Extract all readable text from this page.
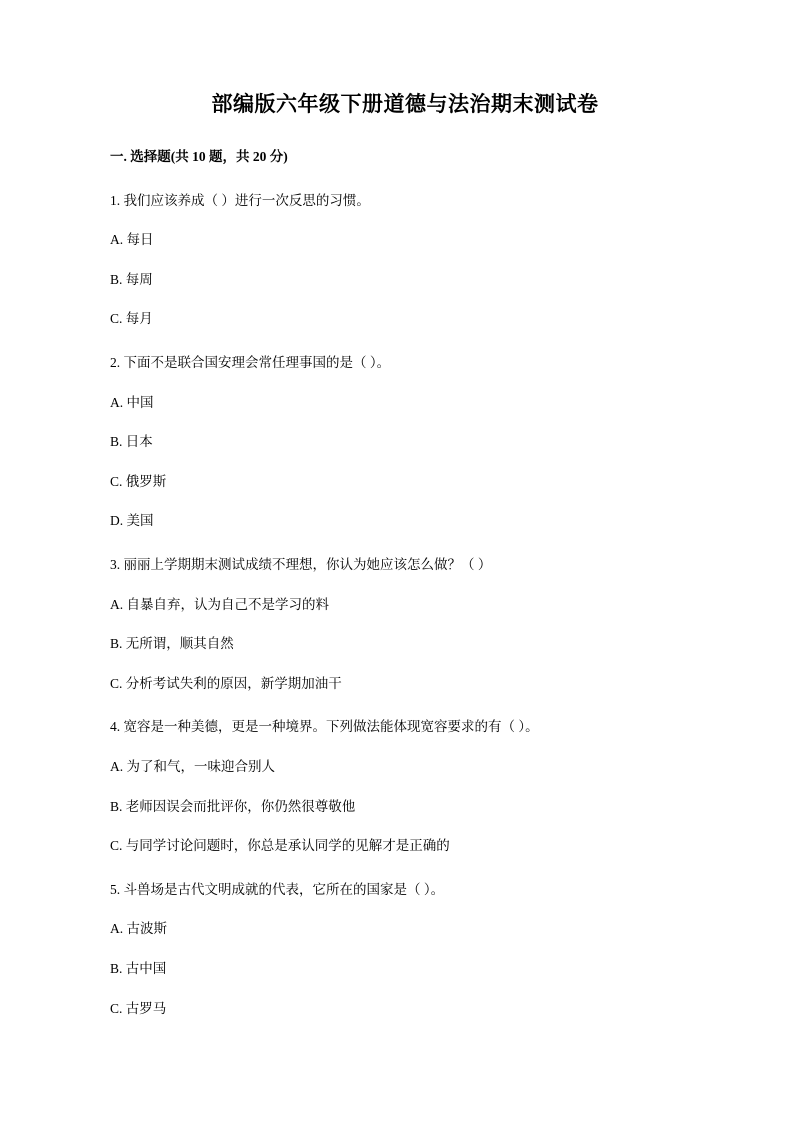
部编版六年级下册道德与法治期末测试卷
一. 选择题(共 10 题，共 20 分)
1. 我们应该养成（ ）进行一次反思的习惯。
A. 每日
B. 每周
C. 每月
2. 下面不是联合国安理会常任理事国的是（ ）。
A. 中国
B. 日本
C. 俄罗斯
D. 美国
3. 丽丽上学期期末测试成绩不理想，你认为她应该怎么做？（ ）
A. 自暴自弃，认为自己不是学习的料
B. 无所谓，顺其自然
C. 分析考试失利的原因，新学期加油干
4. 宽容是一种美德，更是一种境界。下列做法能体现宽容要求的有（ ）。
A. 为了和气，一味迎合别人
B. 老师因误会而批评你，你仍然很尊敬他
C. 与同学讨论问题时，你总是承认同学的见解才是正确的
5. 斗兽场是古代文明成就的代表，它所在的国家是（ ）。
A. 古波斯
B. 古中国
C. 古罗马
